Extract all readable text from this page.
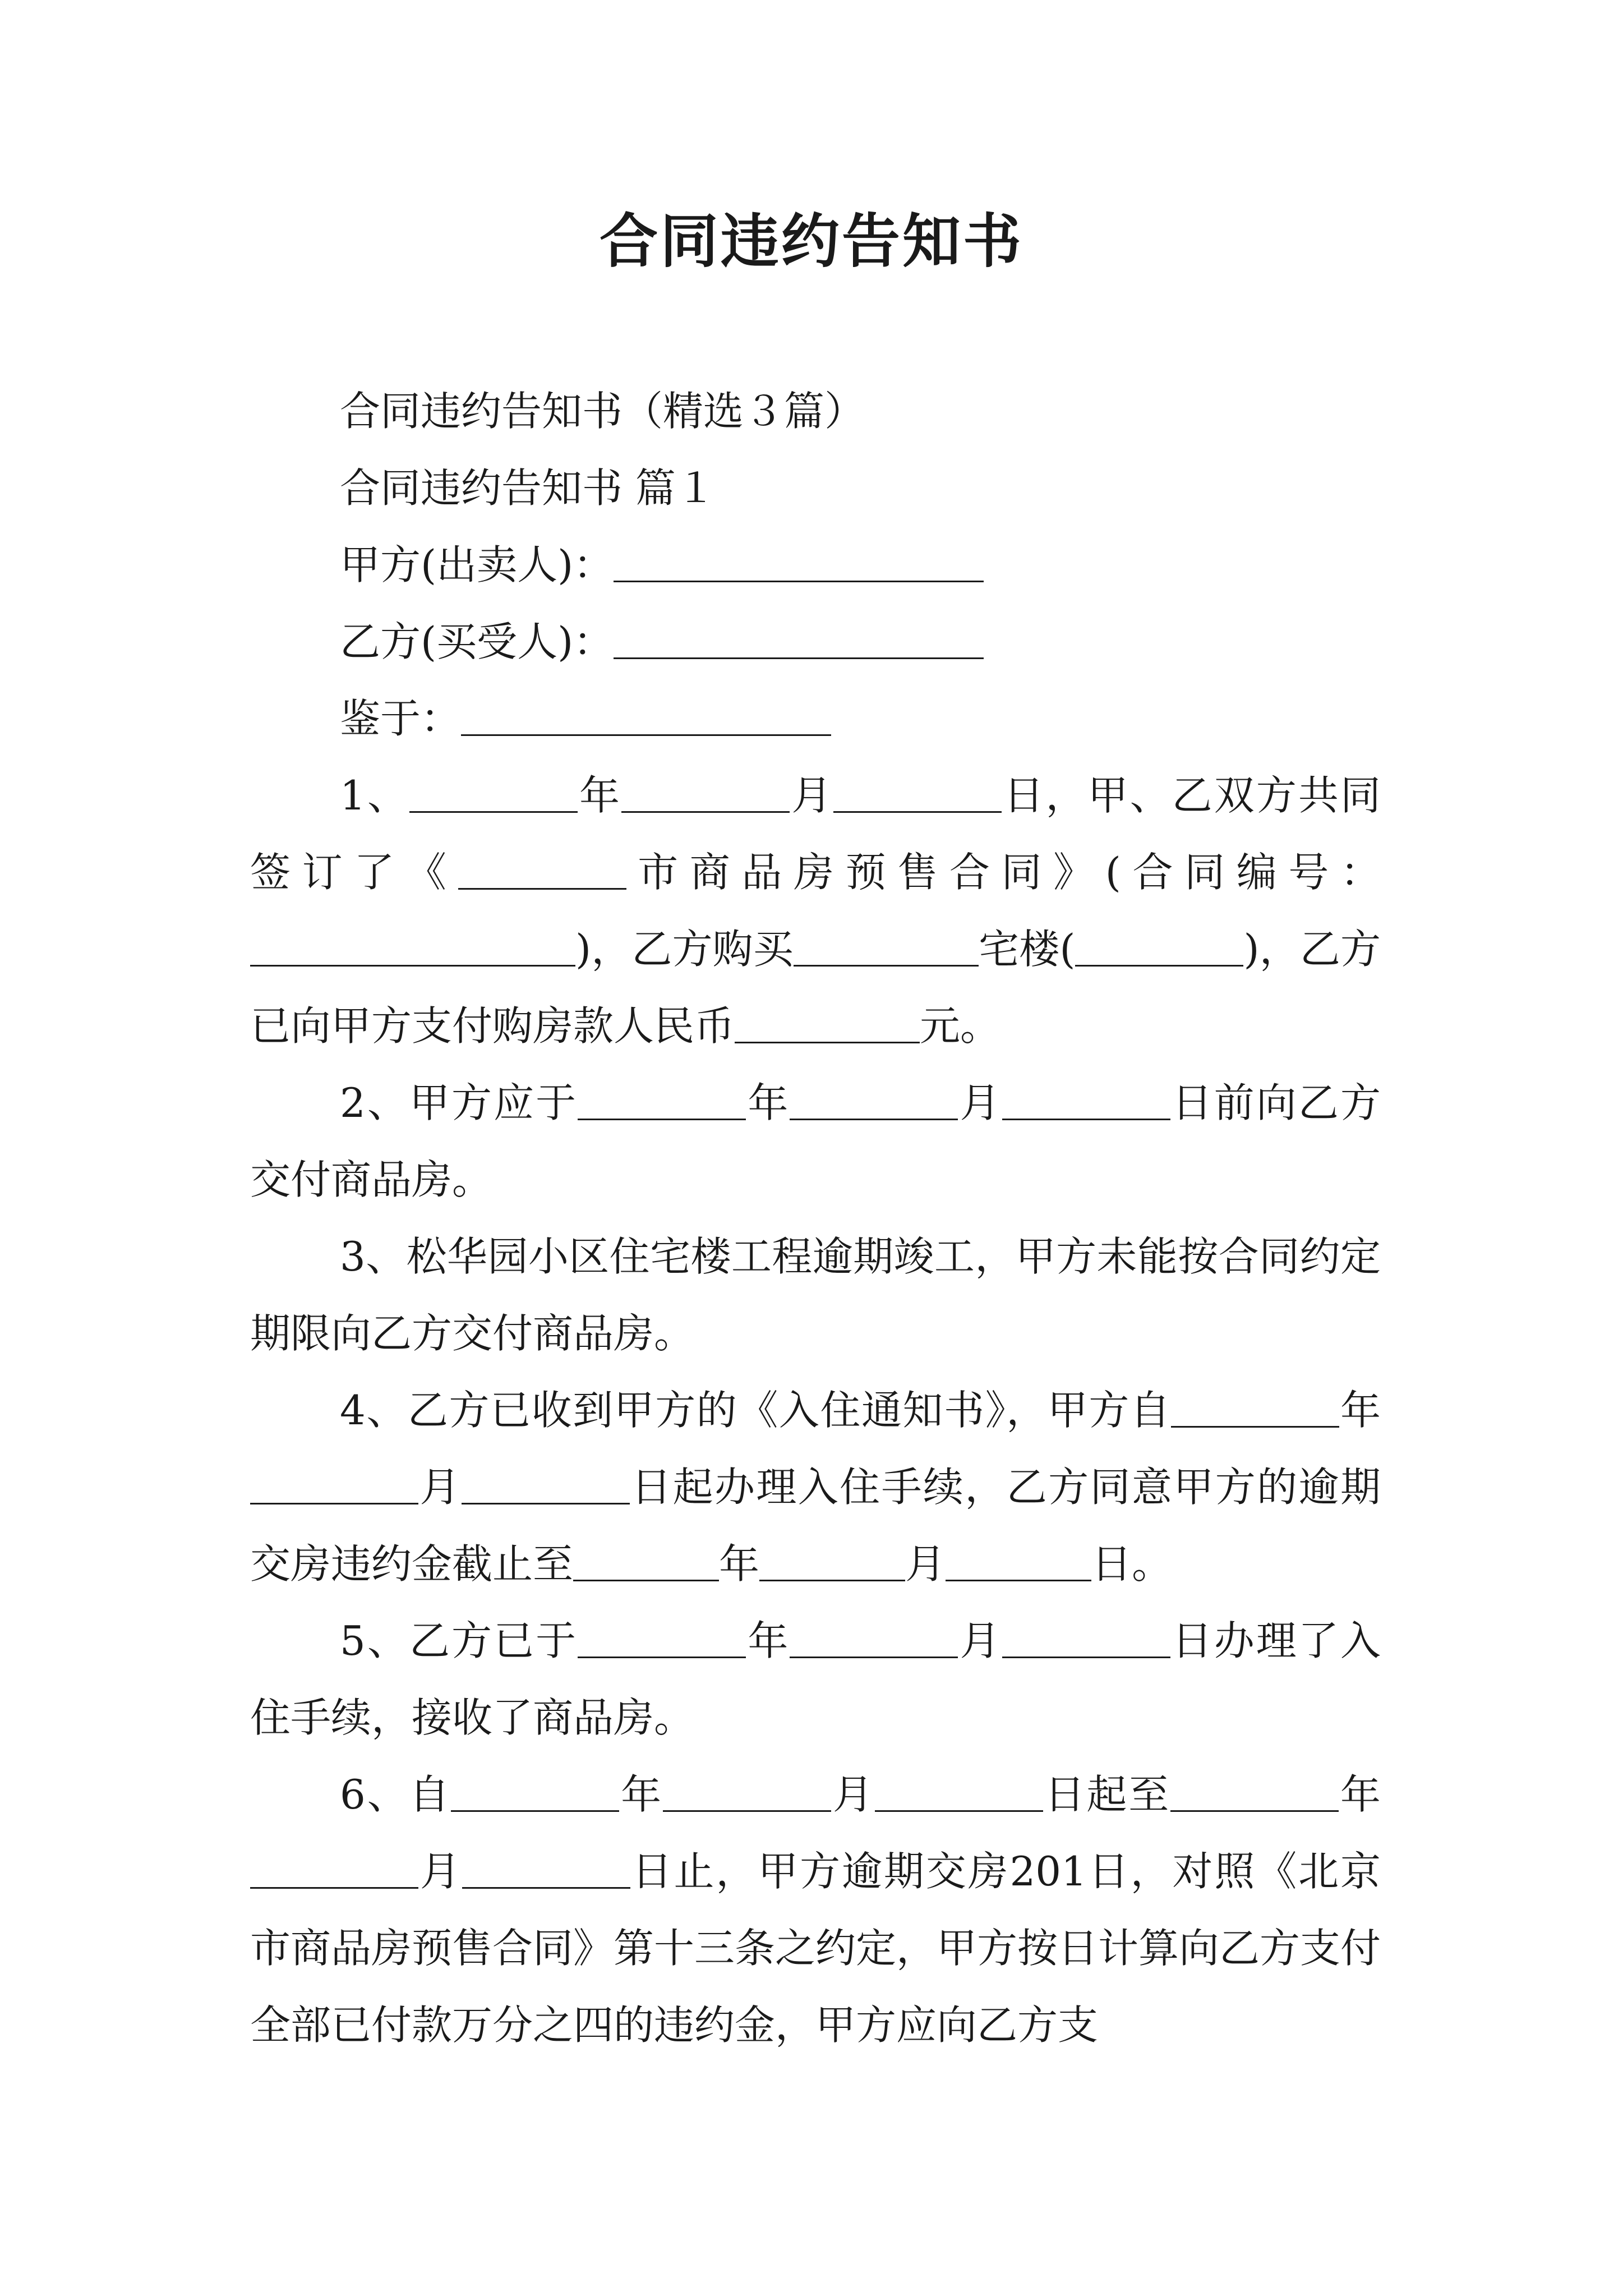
合同违约告知书

合同违约告知书（精选３篇）

合同违约告知书 篇１

甲方(出卖人)：

乙方(买受人)：

鉴于：

1、	年	月	日，甲、乙双方共同签订了《	市商品房预售合同》(合同编号：)，乙方购买	宅楼(	)，乙方已向甲方支付购房款人民币	元。

2、甲方应于	年	月	日前向乙方交付商品房。

3、松华园小区住宅楼工程逾期竣工，甲方未能按合同约定期限向乙方交付商品房。

4、乙方已收到甲方的《入住通知书》，甲方自	年月	日起办理入住手续，乙方同意甲方的逾期交房违约金截止至	年	月	日。

5、乙方已于	年	月	日办理了入住手续，接收了商品房。

6、自	年	月	日起至	年月	日止，甲方逾期交房201日，对照《北京市商品房预售合同》第十三条之约定，甲方按日计算向乙方支付全部已付款万分之四的违约金，甲方应向乙方支
